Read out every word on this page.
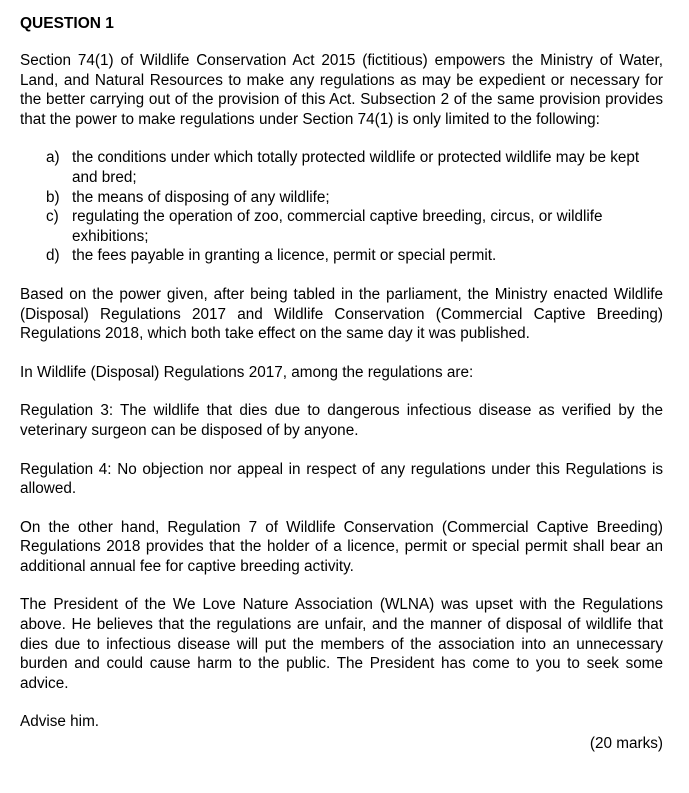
QUESTION 1

Section 74(1) of Wildlife Conservation Act 2015 (fictitious) empowers the Ministry of Water, Land, and Natural Resources to make any regulations as may be expedient or necessary for the better carrying out of the provision of this Act. Subsection 2 of the same provision provides that the power to make regulations under Section 74(1) is only limited to the following:

a) the conditions under which totally protected wildlife or protected wildlife may be kept and bred;
b) the means of disposing of any wildlife;
c) regulating the operation of zoo, commercial captive breeding, circus, or wildlife exhibitions;
d) the fees payable in granting a licence, permit or special permit.

Based on the power given, after being tabled in the parliament, the Ministry enacted Wildlife (Disposal) Regulations 2017 and Wildlife Conservation (Commercial Captive Breeding) Regulations 2018, which both take effect on the same day it was published.

In Wildlife (Disposal) Regulations 2017, among the regulations are:

Regulation 3: The wildlife that dies due to dangerous infectious disease as verified by the veterinary surgeon can be disposed of by anyone.

Regulation 4: No objection nor appeal in respect of any regulations under this Regulations is allowed.

On the other hand, Regulation 7 of Wildlife Conservation (Commercial Captive Breeding) Regulations 2018 provides that the holder of a licence, permit or special permit shall bear an additional annual fee for captive breeding activity.

The President of the We Love Nature Association (WLNA) was upset with the Regulations above. He believes that the regulations are unfair, and the manner of disposal of wildlife that dies due to infectious disease will put the members of the association into an unnecessary burden and could cause harm to the public. The President has come to you to seek some advice.

Advise him.

(20 marks)
